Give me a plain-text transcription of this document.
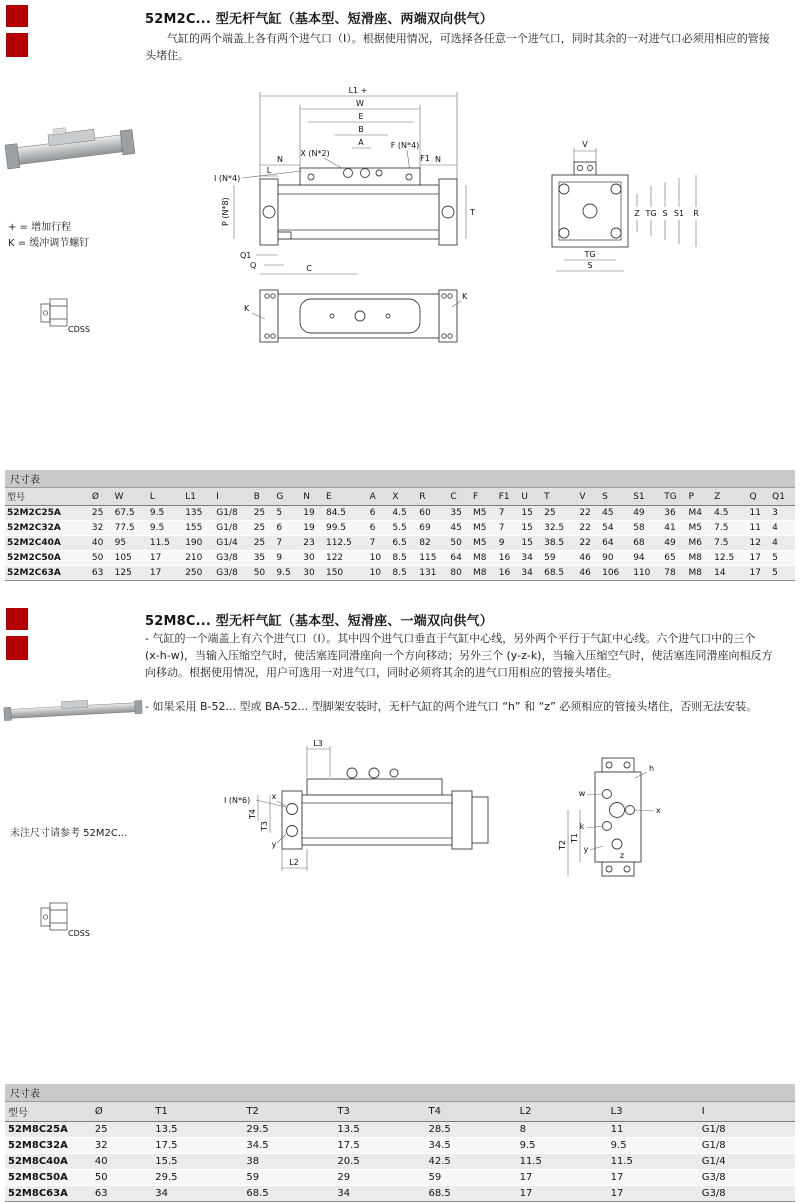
52M2C... 型无杆气缸（基本型、短滑座、两端双向供气）
气缸的两个端盖上各有两个进气口（I）。根据使用情况，可选择各任意一个进气口，同时其余的一对进气口必须用相应的管接头堵住。
+ = 增加行程
K = 缓冲调节螺钉
CDSS
L1 +
W
E
B
A
X (N*2)
F (N*4)
F1
N	N
L
I (N*4)
P (N*8)
Q1
Q	C
T
K
K
V
Z TG S S1 R
TG
S
尺寸表
型号	Ø	W	L	L1	I	B	G	N	E	A	X	R	C	F	F1	U	T	V	S	S1	TG	P	Z	Q	Q1
52M2C25A	25	67.5	9.5	135	G1/8	25	5	19	84.5	6	4.5	60	35	M5	7	15	25	22	45	49	36	M4	4.5	11	3
52M2C32A	32	77.5	9.5	155	G1/8	25	6	19	99.5	6	5.5	69	45	M5	7	15	32.5	22	54	58	41	M5	7.5	11	4
52M2C40A	40	95	11.5	190	G1/4	25	7	23	112.5	7	6.5	82	50	M5	9	15	38.5	22	64	68	49	M6	7.5	12	4
52M2C50A	50	105	17	210	G3/8	35	9	30	122	10	8.5	115	64	M8	16	34	59	46	90	94	65	M8	12.5	17	5
52M2C63A	63	125	17	250	G3/8	50	9.5	30	150	10	8.5	131	80	M8	16	34	68.5	46	106	110	78	M8	14	17	5
52M8C... 型无杆气缸（基本型、短滑座、一端双向供气）
- 气缸的一个端盖上有六个进气口（I）。其中四个进气口垂直于气缸中心线，另外两个平行于气缸中心线。六个进气口中的三个 (x-h-w)，当输入压缩空气时，使活塞连同滑座向一个方向移动；另外三个 (y-z-k)，当输入压缩空气时，使活塞连同滑座向相反方向移动。根据使用情况，用户可选用一对进气口，同时必须将其余的进气口用相应的管接头堵住。
- 如果采用 B-52... 型或 BA-52... 型脚架安装时，无杆气缸的两个进气口 “h” 和 “z” 必须相应的管接头堵住，否则无法安装。
未注尺寸请参考 52M2C...
CDSS
L3
I (N*6)	x
y
T4
T3
L2
h
w
k
x
y
z
T1
T2
尺寸表
型号	Ø	T1	T2	T3	T4	L2	L3	I
52M8C25A	25	13.5	29.5	13.5	28.5	8	11	G1/8
52M8C32A	32	17.5	34.5	17.5	34.5	9.5	9.5	G1/8
52M8C40A	40	15.5	38	20.5	42.5	11.5	11.5	G1/4
52M8C50A	50	29.5	59	29	59	17	17	G3/8
52M8C63A	63	34	68.5	34	68.5	17	17	G3/8
